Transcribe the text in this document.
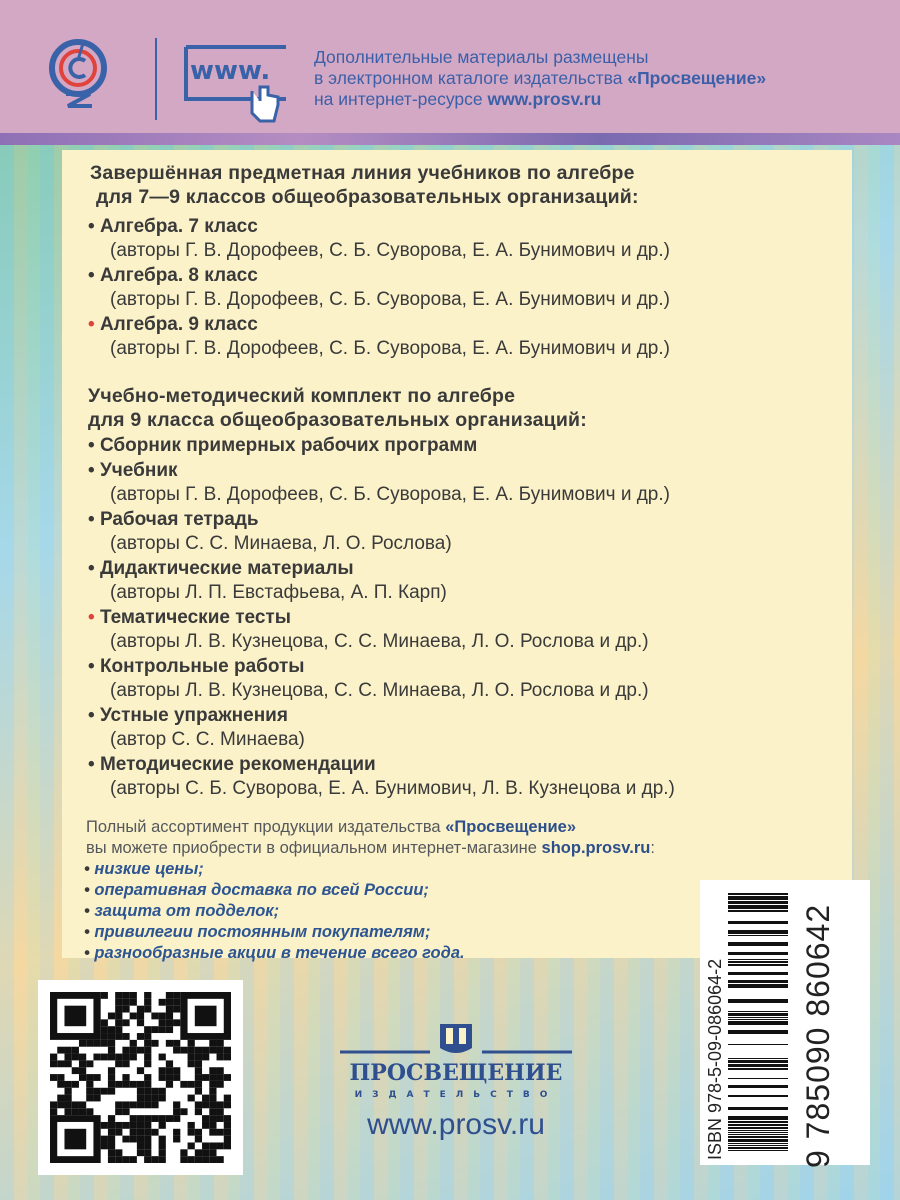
www. Дополнительные материалы размещены
в электронном каталоге издательства «Просвещение»
на интернет-ресурсе www.prosv.ru
Завершённая предметная линия учебников по алгебре
для 7—9 классов общеобразовательных организаций:
• Алгебра. 7 класс
(авторы Г. В. Дорофеев, С. Б. Суворова, Е. А. Бунимович и др.)
• Алгебра. 8 класс
(авторы Г. В. Дорофеев, С. Б. Суворова, Е. А. Бунимович и др.)
• Алгебра. 9 класс
(авторы Г. В. Дорофеев, С. Б. Суворова, Е. А. Бунимович и др.)
Учебно-методический комплект по алгебре
для 9 класса общеобразовательных организаций:
• Сборник примерных рабочих программ
• Учебник
(авторы Г. В. Дорофеев, С. Б. Суворова, Е. А. Бунимович и др.)
• Рабочая тетрадь
(авторы С. С. Минаева, Л. О. Рослова)
• Дидактические материалы
(авторы Л. П. Евстафьева, А. П. Карп)
• Тематические тесты
(авторы Л. В. Кузнецова, С. С. Минаева, Л. О. Рослова и др.)
• Контрольные работы
(авторы Л. В. Кузнецова, С. С. Минаева, Л. О. Рослова и др.)
• Устные упражнения
(автор С. С. Минаева)
• Методические рекомендации
(авторы С. Б. Суворова, Е. А. Бунимович, Л. В. Кузнецова и др.)
Полный ассортимент продукции издательства «Просвещение»
вы можете приобрести в официальном интернет-магазине shop.prosv.ru:
• низкие цены;
• оперативная доставка по всей России;
• защита от подделок;
• привилегии постоянным покупателям;
• разнообразные акции в течение всего года.
ПРОСВЕЩЕНИЕ
ИЗДАТЕЛЬСТВО
www.prosv.ru	ISBN 978-5-09-086064-2 9 785090 860642
